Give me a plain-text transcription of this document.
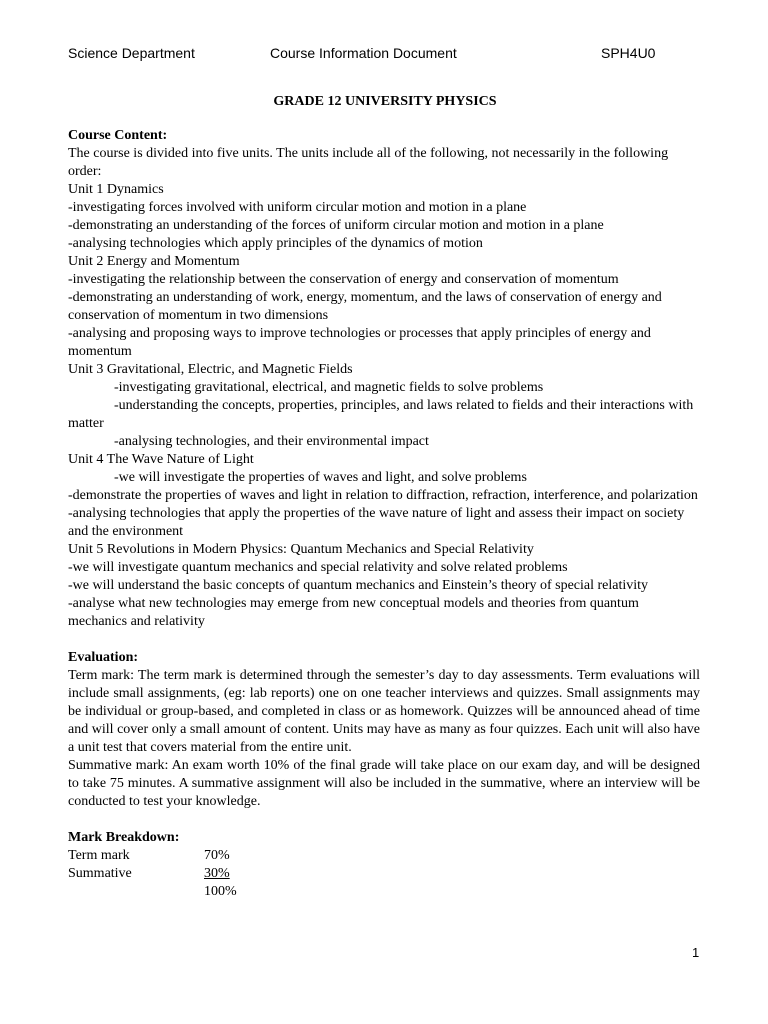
Science Department	Course Information Document	SPH4U0

GRADE 12 UNIVERSITY PHYSICS

Course Content:

The course is divided into five units. The units include all of the following, not necessarily in the following order:

Unit 1 Dynamics

-investigating forces involved with uniform circular motion and motion in a plane

-demonstrating an understanding of the forces of uniform circular motion and motion in a plane

-analysing technologies which apply principles of the dynamics of motion

Unit 2 Energy and Momentum

-investigating the relationship between the conservation of energy and conservation of momentum

-demonstrating an understanding of work, energy, momentum, and the laws of conservation of energy and conservation of momentum in two dimensions

-analysing and proposing ways to improve technologies or processes that apply principles of energy and momentum

Unit 3 Gravitational, Electric, and Magnetic Fields

-investigating gravitational, electrical, and magnetic fields to solve problems

-understanding the concepts, properties, principles, and laws related to fields and their interactions with matter

-analysing technologies, and their environmental impact

Unit 4 The Wave Nature of Light

-we will investigate the properties of waves and light, and solve problems

-demonstrate the properties of waves and light in relation to diffraction, refraction, interference, and polarization

-analysing technologies that apply the properties of the wave nature of light and assess their impact on society and the environment

Unit 5 Revolutions in Modern Physics: Quantum Mechanics and Special Relativity

-we will investigate quantum mechanics and special relativity and solve related problems

-we will understand the basic concepts of quantum mechanics and Einstein’s theory of special relativity

-analyse what new technologies may emerge from new conceptual models and theories from quantum mechanics and relativity

Evaluation:

Term mark: The term mark is determined through the semester’s day to day assessments. Term evaluations will include small assignments, (eg: lab reports) one on one teacher interviews and quizzes. Small assignments may be individual or group-based, and completed in class or as homework. Quizzes will be announced ahead of time and will cover only a small amount of content. Units may have as many as four quizzes. Each unit will also have a unit test that covers material from the entire unit.

Summative mark: An exam worth 10% of the final grade will take place on our exam day, and will be designed to take 75 minutes. A summative assignment will also be included in the summative, where an interview will be conducted to test your knowledge.

Mark Breakdown:

Term mark	70%
Summative	30%
	100%
1
